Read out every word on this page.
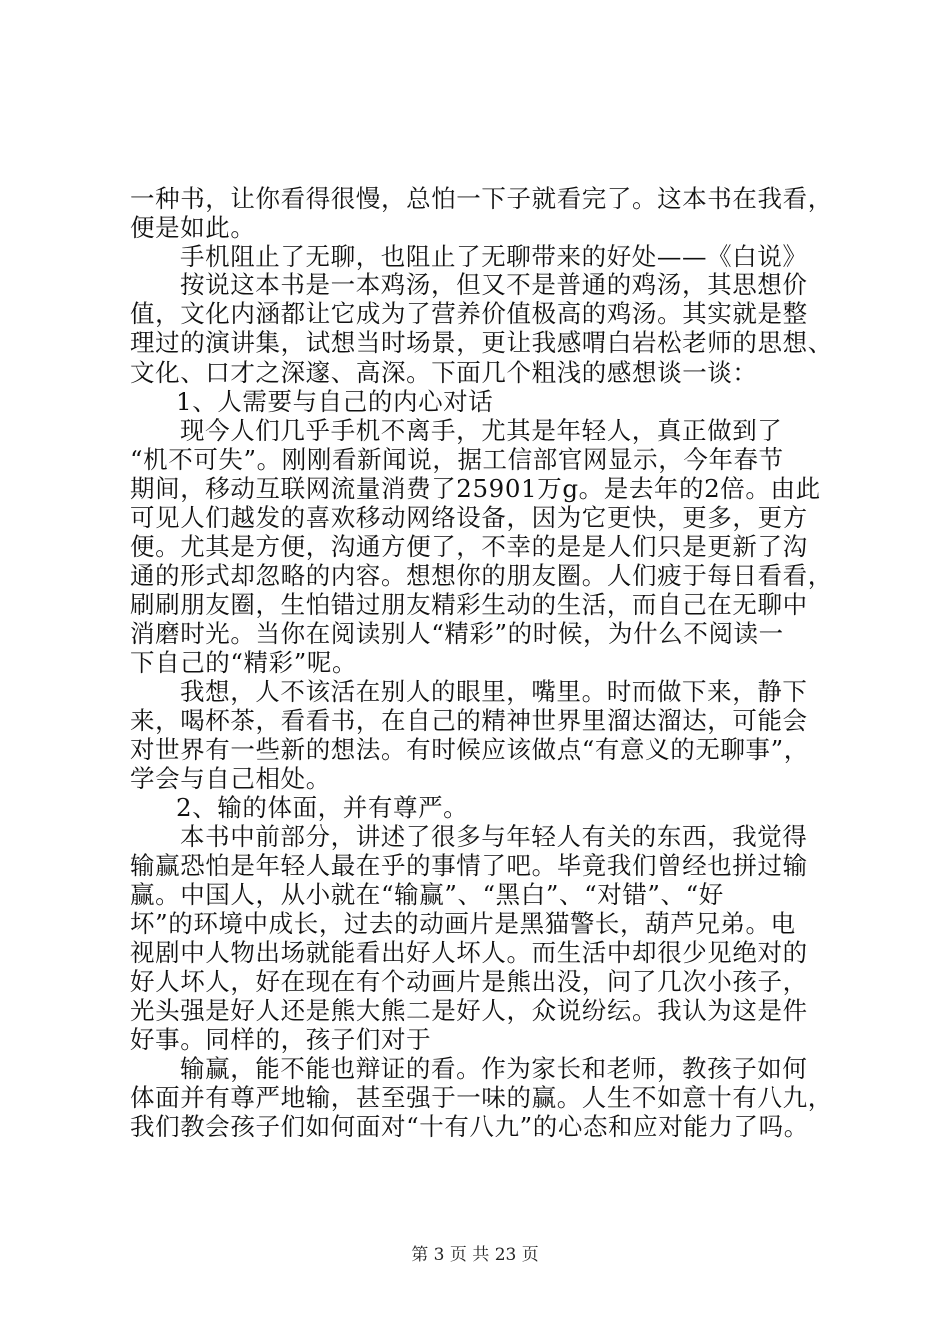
一种书，让你看得很慢，总怕一下子就看完了。这本书在我看，
便是如此。
手机阻止了无聊，也阻止了无聊带来的好处——《白说》
按说这本书是一本鸡汤，但又不是普通的鸡汤，其思想价
值，文化内涵都让它成为了营养价值极高的鸡汤。其实就是整
理过的演讲集，试想当时场景，更让我感喟白岩松老师的思想、
文化、口才之深邃、高深。下面几个粗浅的感想谈一谈：
1、人需要与自己的内心对话
现今人们几乎手机不离手，尤其是年轻人，真正做到了
“机不可失”。刚刚看新闻说，据工信部官网显示，今年春节
期间，移动互联网流量消费了25901万g。是去年的2倍。由此
可见人们越发的喜欢移动网络设备，因为它更快，更多，更方
便。尤其是方便，沟通方便了，不幸的是是人们只是更新了沟
通的形式却忽略的内容。想想你的朋友圈。人们疲于每日看看，
刷刷朋友圈，生怕错过朋友精彩生动的生活，而自己在无聊中
消磨时光。当你在阅读别人“精彩”的时候，为什么不阅读一
下自己的“精彩”呢。
我想，人不该活在别人的眼里，嘴里。时而做下来，静下
来，喝杯茶，看看书，在自己的精神世界里溜达溜达，可能会
对世界有一些新的想法。有时候应该做点“有意义的无聊事”，
学会与自己相处。
2、输的体面，并有尊严。
本书中前部分，讲述了很多与年轻人有关的东西，我觉得
输赢恐怕是年轻人最在乎的事情了吧。毕竟我们曾经也拼过输
赢。中国人，从小就在“输赢”、“黑白”、“对错”、“好
坏”的环境中成长，过去的动画片是黑猫警长，葫芦兄弟。电
视剧中人物出场就能看出好人坏人。而生活中却很少见绝对的
好人坏人，好在现在有个动画片是熊出没，问了几次小孩子，
光头强是好人还是熊大熊二是好人，众说纷纭。我认为这是件
好事。同样的，孩子们对于
输赢，能不能也辩证的看。作为家长和老师，教孩子如何
体面并有尊严地输，甚至强于一味的赢。人生不如意十有八九，
我们教会孩子们如何面对“十有八九”的心态和应对能力了吗。
第 3 页 共 23 页
